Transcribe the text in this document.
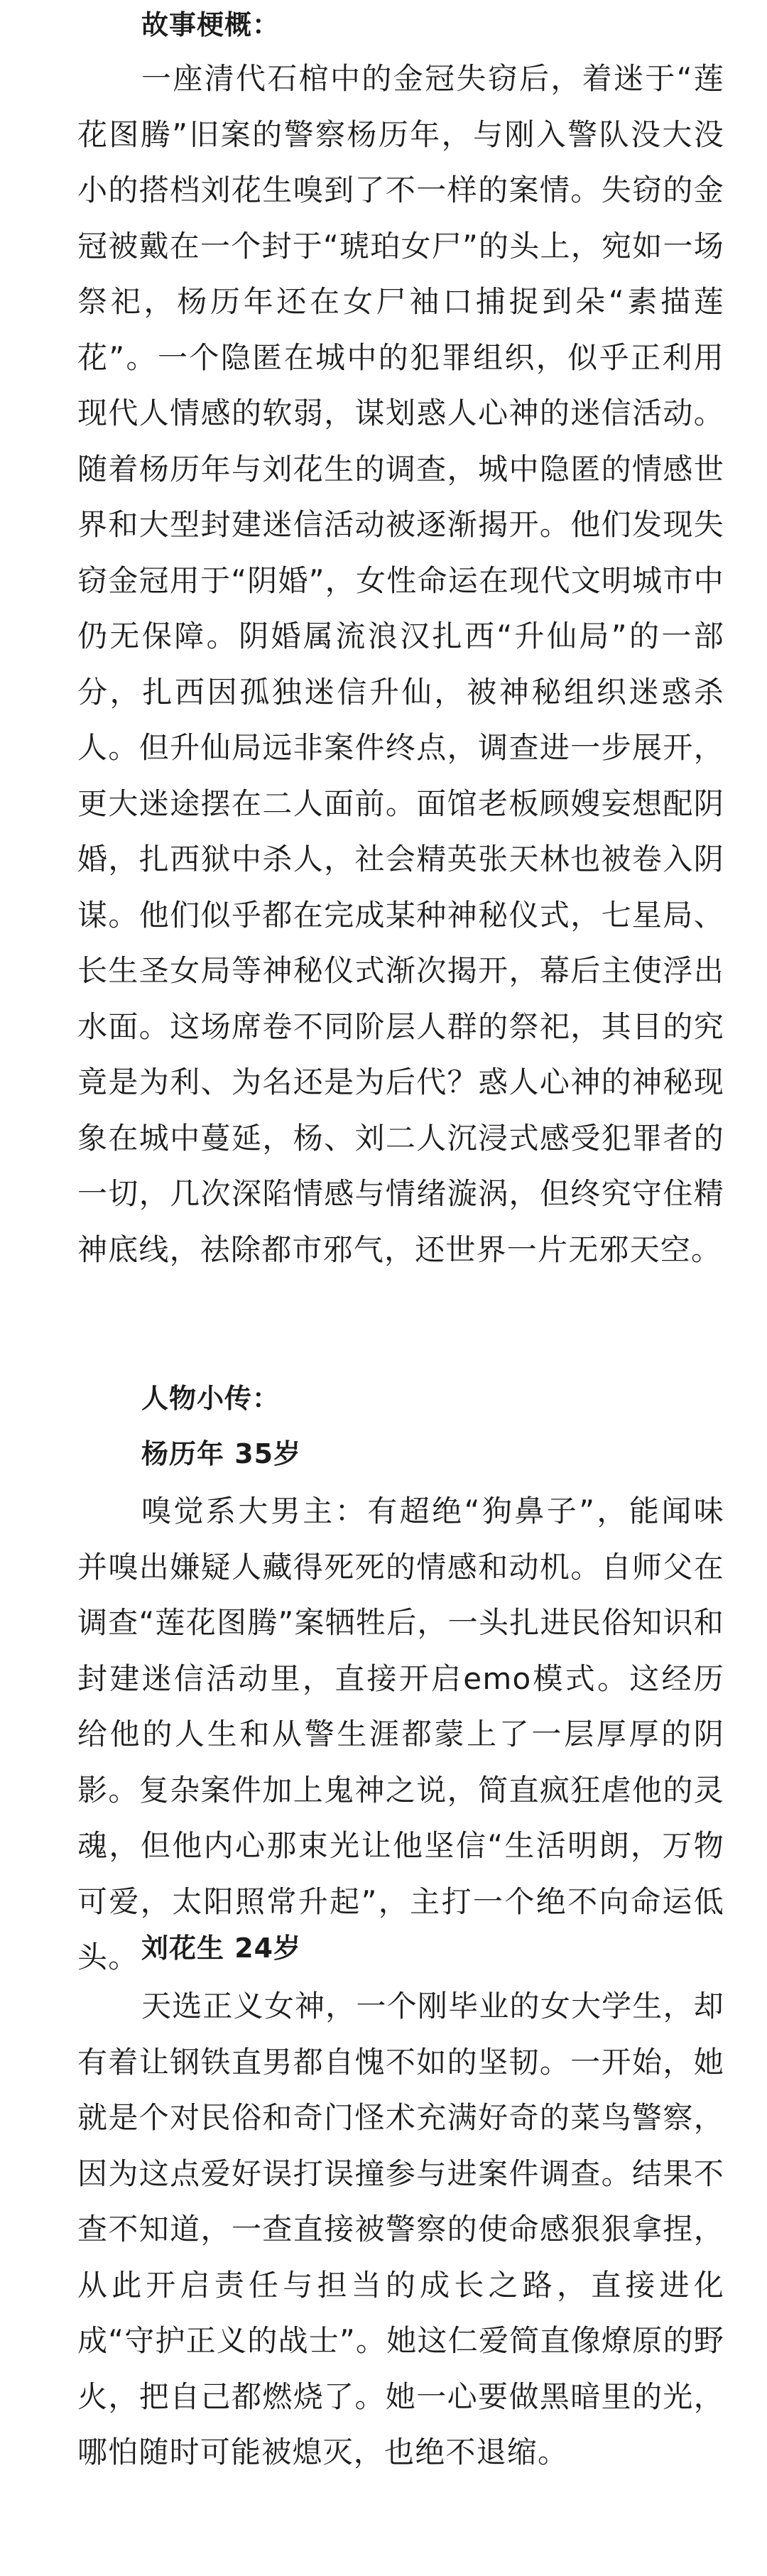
故事梗概：

一座清代石棺中的金冠失窃后，着迷于“莲花图腾”旧案的警察杨历年，与刚入警队没大没小的搭档刘花生嗅到了不一样的案情。失窃的金冠被戴在一个封于“琥珀女尸”的头上，宛如一场祭祀，杨历年还在女尸袖口捕捉到朵“素描莲花”。一个隐匿在城中的犯罪组织，似乎正利用现代人情感的软弱，谋划惑人心神的迷信活动。随着杨历年与刘花生的调查，城中隐匿的情感世界和大型封建迷信活动被逐渐揭开。他们发现失窃金冠用于“阴婚”，女性命运在现代文明城市中仍无保障。阴婚属流浪汉扎西“升仙局”的一部分，扎西因孤独迷信升仙，被神秘组织迷惑杀人。但升仙局远非案件终点，调查进一步展开，更大迷途摆在二人面前。面馆老板顾嫂妄想配阴婚，扎西狱中杀人，社会精英张天林也被卷入阴谋。他们似乎都在完成某种神秘仪式，七星局、长生圣女局等神秘仪式渐次揭开，幕后主使浮出水面。这场席卷不同阶层人群的祭祀，其目的究竟是为利、为名还是为后代？惑人心神的神秘现象在城中蔓延，杨、刘二人沉浸式感受犯罪者的一切，几次深陷情感与情绪漩涡，但终究守住精神底线，祛除都市邪气，还世界一片无邪天空。

人物小传：
杨历年 35岁

嗅觉系大男主：有超绝“狗鼻子”，能闻味并嗅出嫌疑人藏得死死的情感和动机。自师父在调查“莲花图腾”案牺牲后，一头扎进民俗知识和封建迷信活动里，直接开启emo模式。这经历给他的人生和从警生涯都蒙上了一层厚厚的阴影。复杂案件加上鬼神之说，简直疯狂虐他的灵魂，但他内心那束光让他坚信“生活明朗，万物可爱，太阳照常升起”，主打一个绝不向命运低头。 刘花生 24岁

天选正义女神，一个刚毕业的女大学生，却有着让钢铁直男都自愧不如的坚韧。一开始，她就是个对民俗和奇门怪术充满好奇的菜鸟警察，因为这点爱好误打误撞参与进案件调查。结果不查不知道，一查直接被警察的使命感狠狠拿捏，从此开启责任与担当的成长之路，直接进化成“守护正义的战士”。她这仁爱简直像燎原的野火，把自己都燃烧了。她一心要做黑暗里的光，哪怕随时可能被熄灭，也绝不退缩。
